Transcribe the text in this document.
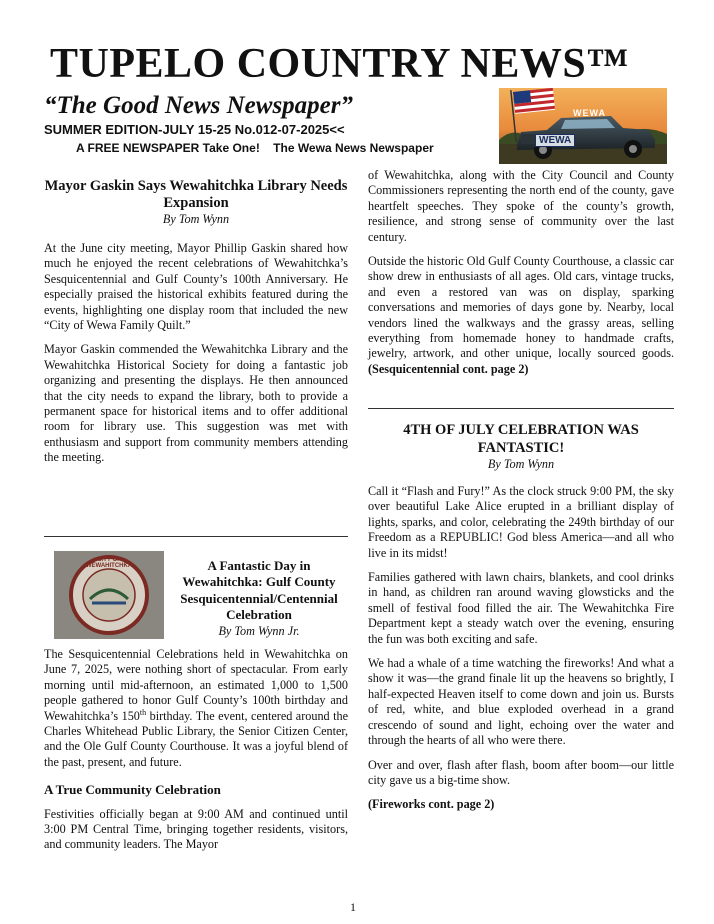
TUPELO COUNTRY NEWS™
“The Good News Newspaper”
SUMMER EDITION-JULY 15-25 No.012-07-2025<<
A FREE NEWSPAPER Take One! The Wewa News Newspaper
WEWA
WEWA
Mayor Gaskin Says Wewahitchka Library Needs Expansion
By Tom Wynn

At the June city meeting, Mayor Phillip Gaskin shared how much he enjoyed the recent celebrations of Wewahitchka’s Sesquicentennial and Gulf County’s 100th Anniversary. He especially praised the historical exhibits featured during the events, highlighting one display room that included the new “City of Wewa Family Quilt.”

Mayor Gaskin commended the Wewahitchka Library and the Wewahitchka Historical Society for doing a fantastic job organizing and presenting the displays. He then announced that the city needs to expand the library, both to provide a permanent space for historical items and to offer additional room for library use. This suggestion was met with enthusiasm and support from community members attending the meeting.

CITY OF WEWAHITCHKA	A Fantastic Day in Wewahitchka: Gulf County Sesquicentennial/Centennial Celebration
By Tom Wynn Jr.

The Sesquicentennial Celebrations held in Wewahitchka on June 7, 2025, were nothing short of spectacular. From early morning until mid-afternoon, an estimated 1,000 to 1,500 people gathered to honor Gulf County’s 100th birthday and Wewahitchka’s 150th birthday. The event, centered around the Charles Whitehead Public Library, the Senior Citizen Center, and the Ole Gulf County Courthouse. It was a joyful blend of the past, present, and future.

A True Community Celebration

Festivities officially began at 9:00 AM and continued until 3:00 PM Central Time, bringing together residents, visitors, and community leaders. The Mayor

of Wewahitchka, along with the City Council and County Commissioners representing the north end of the county, gave heartfelt speeches. They spoke of the county’s growth, resilience, and strong sense of community over the last century.

Outside the historic Old Gulf County Courthouse, a classic car show drew in enthusiasts of all ages. Old cars, vintage trucks, and even a restored van was on display, sparking conversations and memories of days gone by. Nearby, local vendors lined the walkways and the grassy areas, selling everything from homemade honey to handmade crafts, jewelry, artwork, and other unique, locally sourced goods. (Sesquicentennial cont. page 2)

4TH OF JULY CELEBRATION WAS FANTASTIC!
By Tom Wynn

Call it “Flash and Fury!” As the clock struck 9:00 PM, the sky over beautiful Lake Alice erupted in a brilliant display of lights, sparks, and color, celebrating the 249th birthday of our Freedom as a REPUBLIC! God bless America—and all who live in its midst!

Families gathered with lawn chairs, blankets, and cool drinks in hand, as children ran around waving glowsticks and the smell of festival food filled the air. The Wewahitchka Fire Department kept a steady watch over the evening, ensuring the fun was both exciting and safe.

We had a whale of a time watching the fireworks! And what a show it was—the grand finale lit up the heavens so brightly, I half-expected Heaven itself to come down and join us. Bursts of red, white, and blue exploded overhead in a grand crescendo of sound and light, echoing over the water and through the hearts of all who were there.

Over and over, flash after flash, boom after boom—our little city gave us a big-time show.

(Fireworks cont. page 2)

1
